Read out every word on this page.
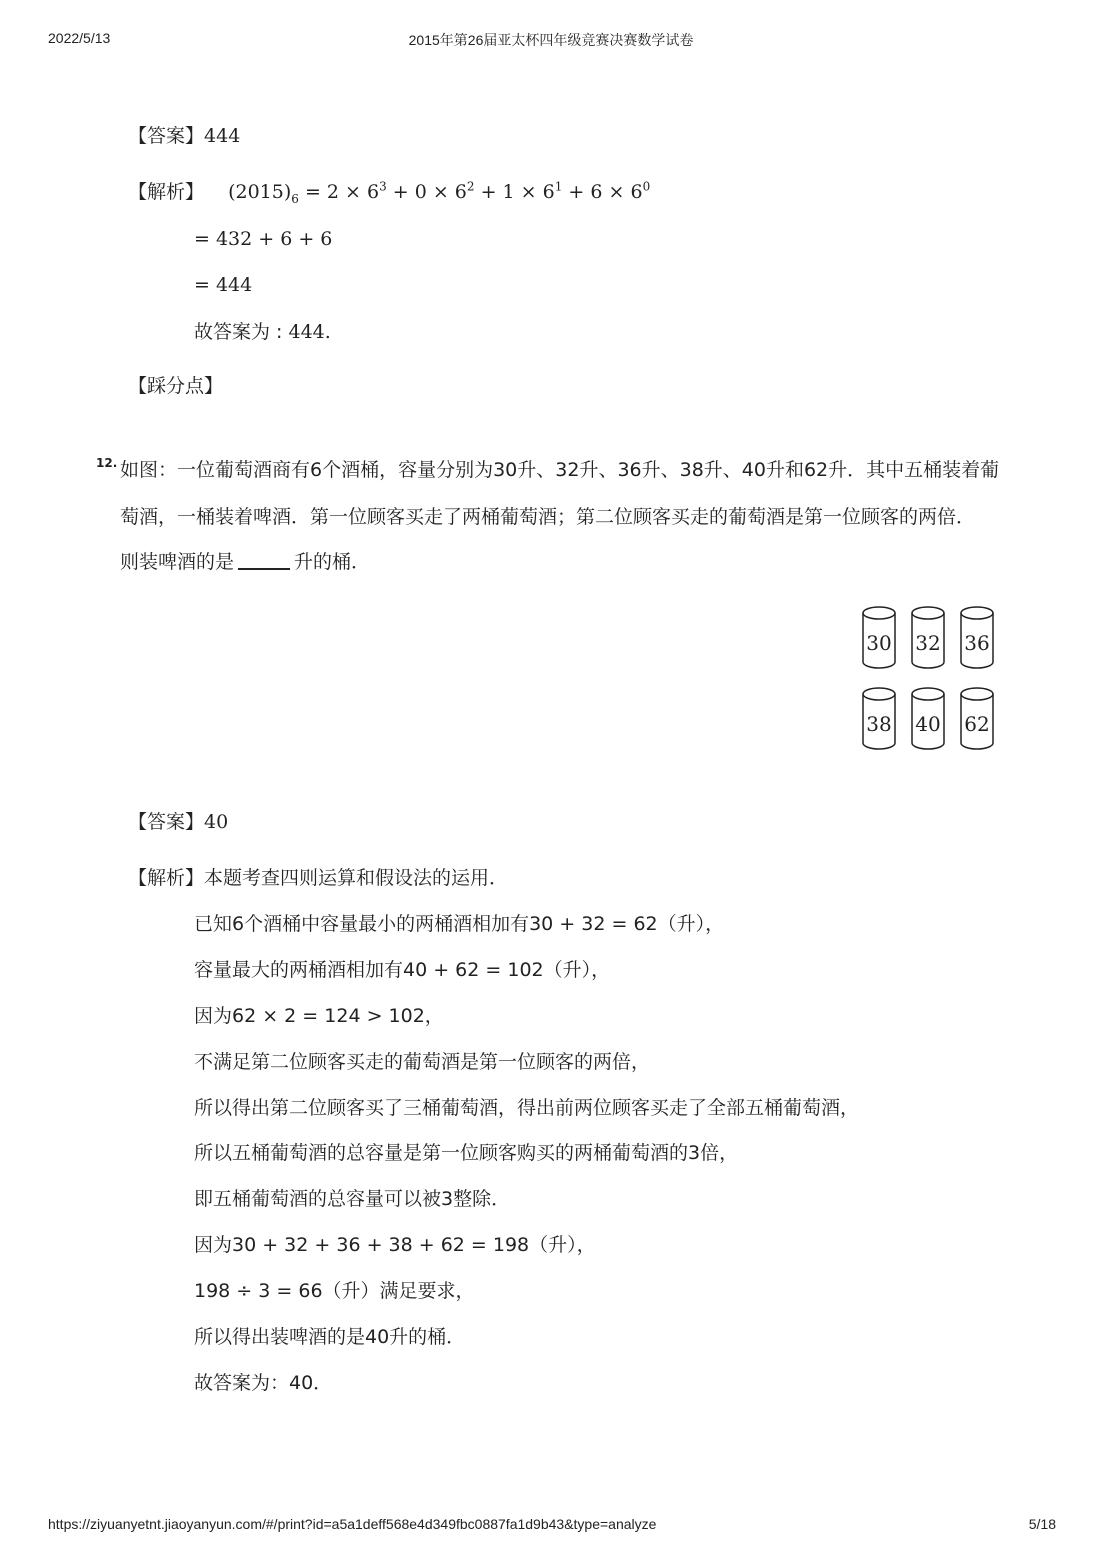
2022/5/13	2015年第26届亚太杯四年级竞赛决赛数学试卷
【答案】444
【解析】 $(2015)_6 = 2 \times 6^3 + 0 \times 6^2 + 1 \times 6^1 + 6 \times 6^0$
= 432 + 6 + 6
= 444
故答案为 : 444.
【踩分点】
12. 如图：一位葡萄酒商有6个酒桶，容量分别为30升、32升、36升、38升、40升和62升．其中五桶装着葡
萄酒，一桶装着啤酒．第一位顾客买走了两桶葡萄酒；第二位顾客买走的葡萄酒是第一位顾客的两倍．
则装啤酒的是	升的桶．
30 32 36
38 40 62
【答案】40
【解析】本题考查四则运算和假设法的运用．
已知6个酒桶中容量最小的两桶酒相加有30 + 32 = 62（升），
容量最大的两桶酒相加有40 + 62 = 102（升），
因为62 × 2 = 124 > 102，
不满足第二位顾客买走的葡萄酒是第一位顾客的两倍，
所以得出第二位顾客买了三桶葡萄酒，得出前两位顾客买走了全部五桶葡萄酒，
所以五桶葡萄酒的总容量是第一位顾客购买的两桶葡萄酒的3倍，
即五桶葡萄酒的总容量可以被3整除．
因为30 + 32 + 36 + 38 + 62 = 198（升），
198 ÷ 3 = 66（升）满足要求，
所以得出装啤酒的是40升的桶．
故答案为：40．
https://ziyuanyetnt.jiaoyanyun.com/#/print?id=a5a1deff568e4d349fbc0887fa1d9b43&type=analyze	5/18
